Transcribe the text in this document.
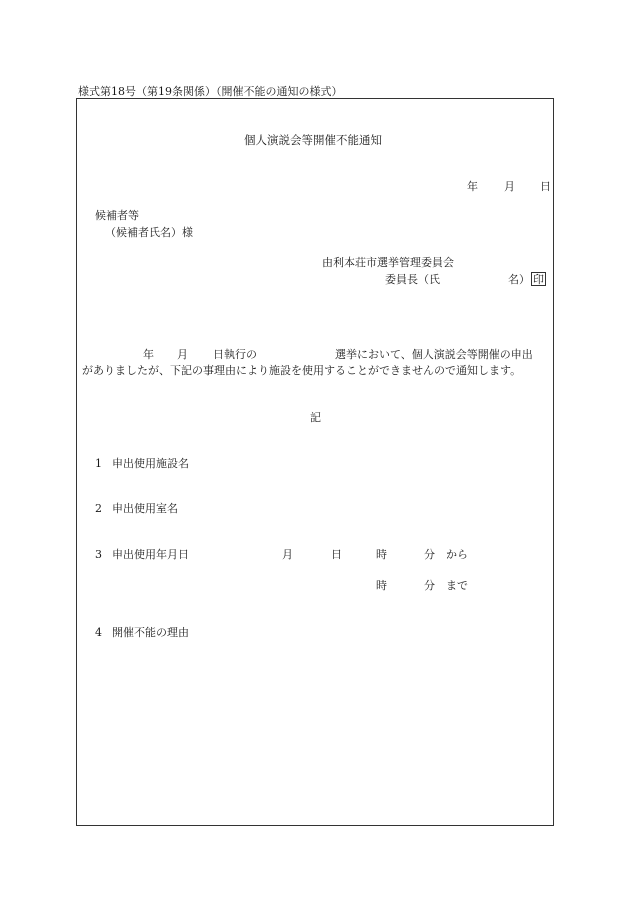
様式第18号（第19条関係）（開催不能の通知の様式）
個人演説会等開催不能通知
年 月 日
候補者等
（候補者氏名）様
由利本荘市選挙管理委員会
委員長（氏	名） 印
年 月 日執行の	選挙において、個人演説会等開催の申出
がありましたが、下記の事理由により施設を使用することができませんので通知します。
記
1 申出使用施設名
2 申出使用室名
3 申出使用年月日	月	日	時	分 から
時	分 まで
4 開催不能の理由
